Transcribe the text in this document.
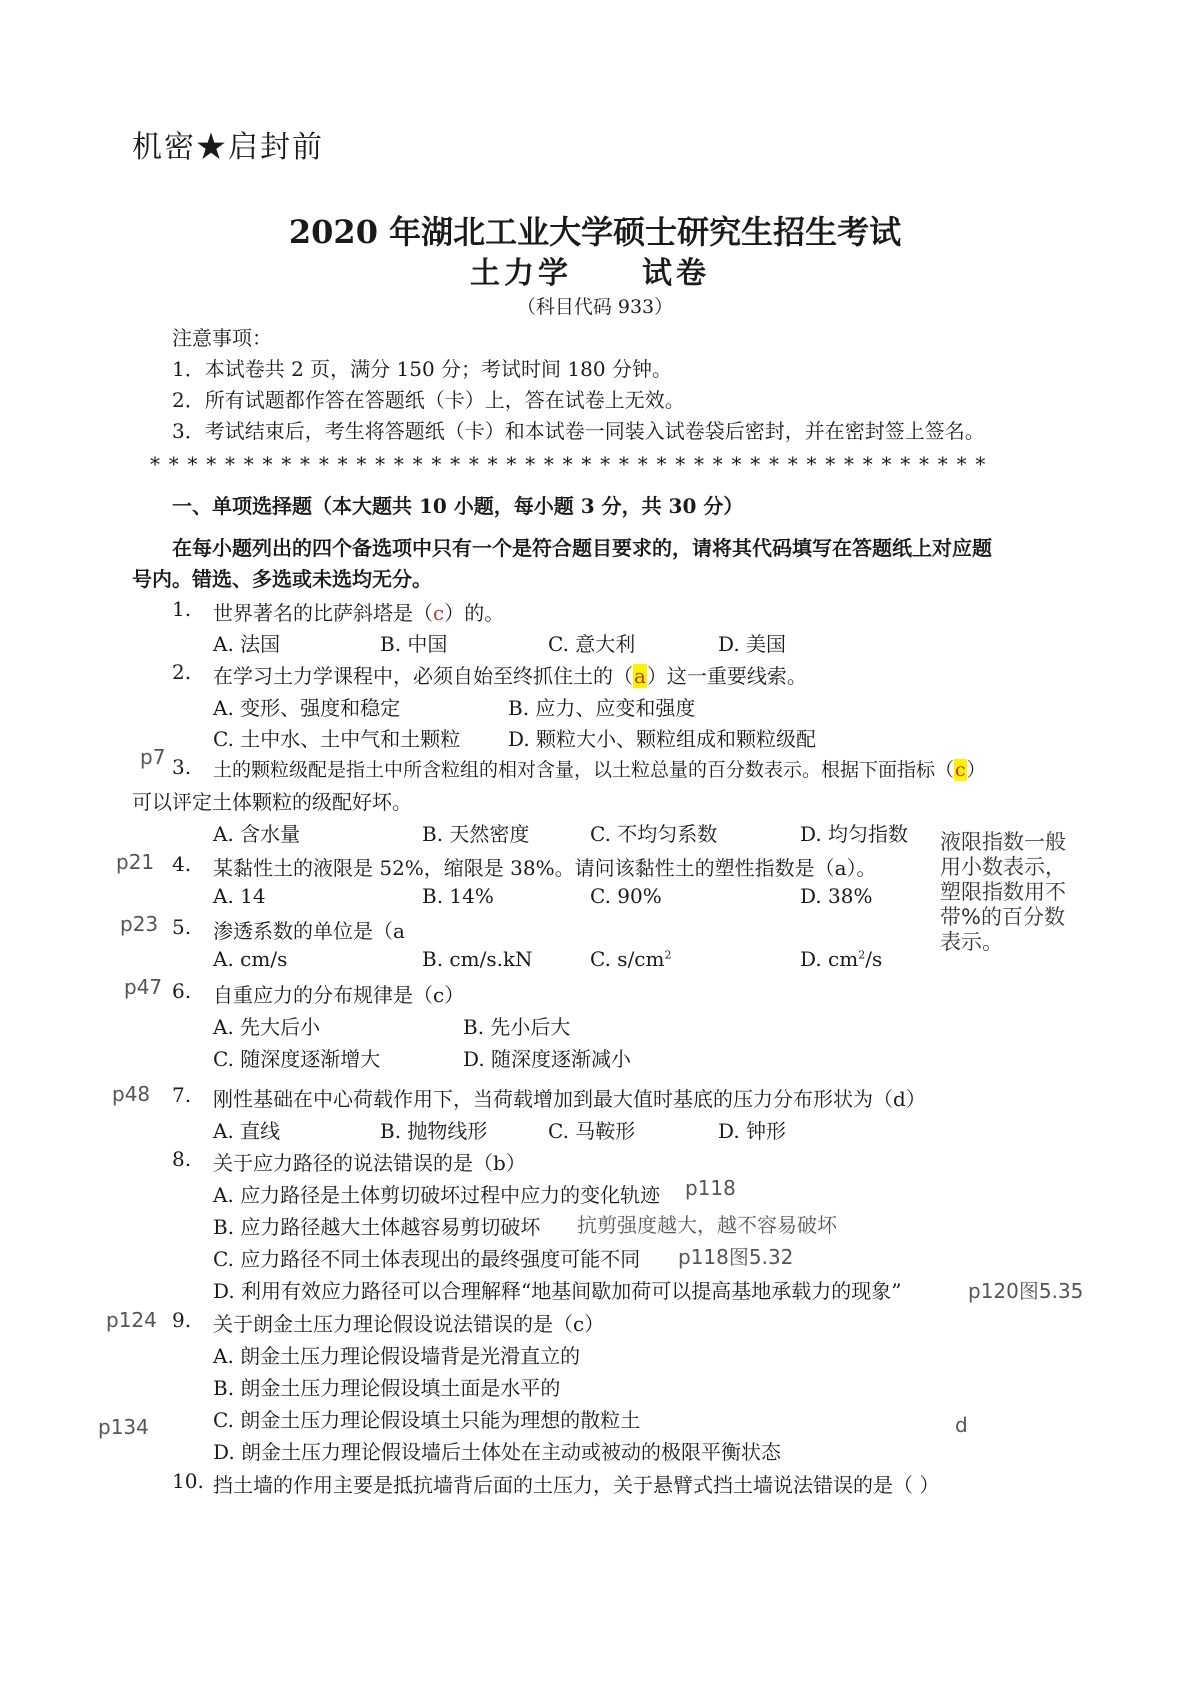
机密★启封前
2020 年湖北工业大学硕士研究生招生考试
土力学 试卷
（科目代码 933）
注意事项：
1．本试卷共 2 页，满分 150 分；考试时间 180 分钟。
2．所有试题都作答在答题纸（卡）上，答在试卷上无效。
3．考试结束后，考生将答题纸（卡）和本试卷一同装入试卷袋后密封，并在密封签上签名。
* * * * * * * * * * * * * * * * * * * * * * * * * * * * * * * * * * * * * * * * * * * * *
一、单项选择题（本大题共 10 小题，每小题 3 分，共 30 分）
在每小题列出的四个备选项中只有一个是符合题目要求的，请将其代码填写在答题纸上对应题
号内。错选、多选或未选均无分。
1. 世界著名的比萨斜塔是（c）的。
A. 法国	B. 中国	C. 意大利	D. 美国
2. 在学习土力学课程中，必须自始至终抓住土的（a）这一重要线索。
A. 变形、强度和稳定	B. 应力、应变和强度
C. 土中水、土中气和土颗粒 D. 颗粒大小、颗粒组成和颗粒级配
p7 3. 土的颗粒级配是指土中所含粒组的相对含量，以土粒总量的百分数表示。根据下面指标（c）
可以评定土体颗粒的级配好坏。
A. 含水量	B. 天然密度	C. 不均匀系数	D. 均匀指数
p21 4. 某黏性土的液限是 52%，缩限是 38%。请问该黏性土的塑性指数是（a）。
A. 14	B. 14%	C. 90%	D. 38%
p23 5. 渗透系数的单位是（a
A. cm/s	B. cm/s.kN	C. $s/cm^2$	D. $cm^2/s$
液限指数一般用小数表示，塑限指数用不带%的百分数表示。
p47 6. 自重应力的分布规律是（c）
A. 先大后小	B. 先小后大
C. 随深度逐渐增大	D. 随深度逐渐减小
p48 7. 刚性基础在中心荷载作用下，当荷载增加到最大值时基底的压力分布形状为（d）
A. 直线	B. 抛物线形	C. 马鞍形	D. 钟形
8. 关于应力路径的说法错误的是（b）
A. 应力路径是土体剪切破坏过程中应力的变化轨迹 p118
B. 应力路径越大土体越容易剪切破坏 抗剪强度越大，越不容易破坏
C. 应力路径不同土体表现出的最终强度可能不同 p118图5.32
D. 利用有效应力路径可以合理解释“地基间歇加荷可以提高基地承载力的现象”	p120图5.35
p124 9. 关于朗金土压力理论假设说法错误的是（c）
A. 朗金土压力理论假设墙背是光滑直立的
B. 朗金土压力理论假设填土面是水平的
C. 朗金土压力理论假设填土只能为理想的散粒土
D. 朗金土压力理论假设墙后土体处在主动或被动的极限平衡状态
p134	d
10. 挡土墙的作用主要是抵抗墙背后面的土压力，关于悬臂式挡土墙说法错误的是（ ）
